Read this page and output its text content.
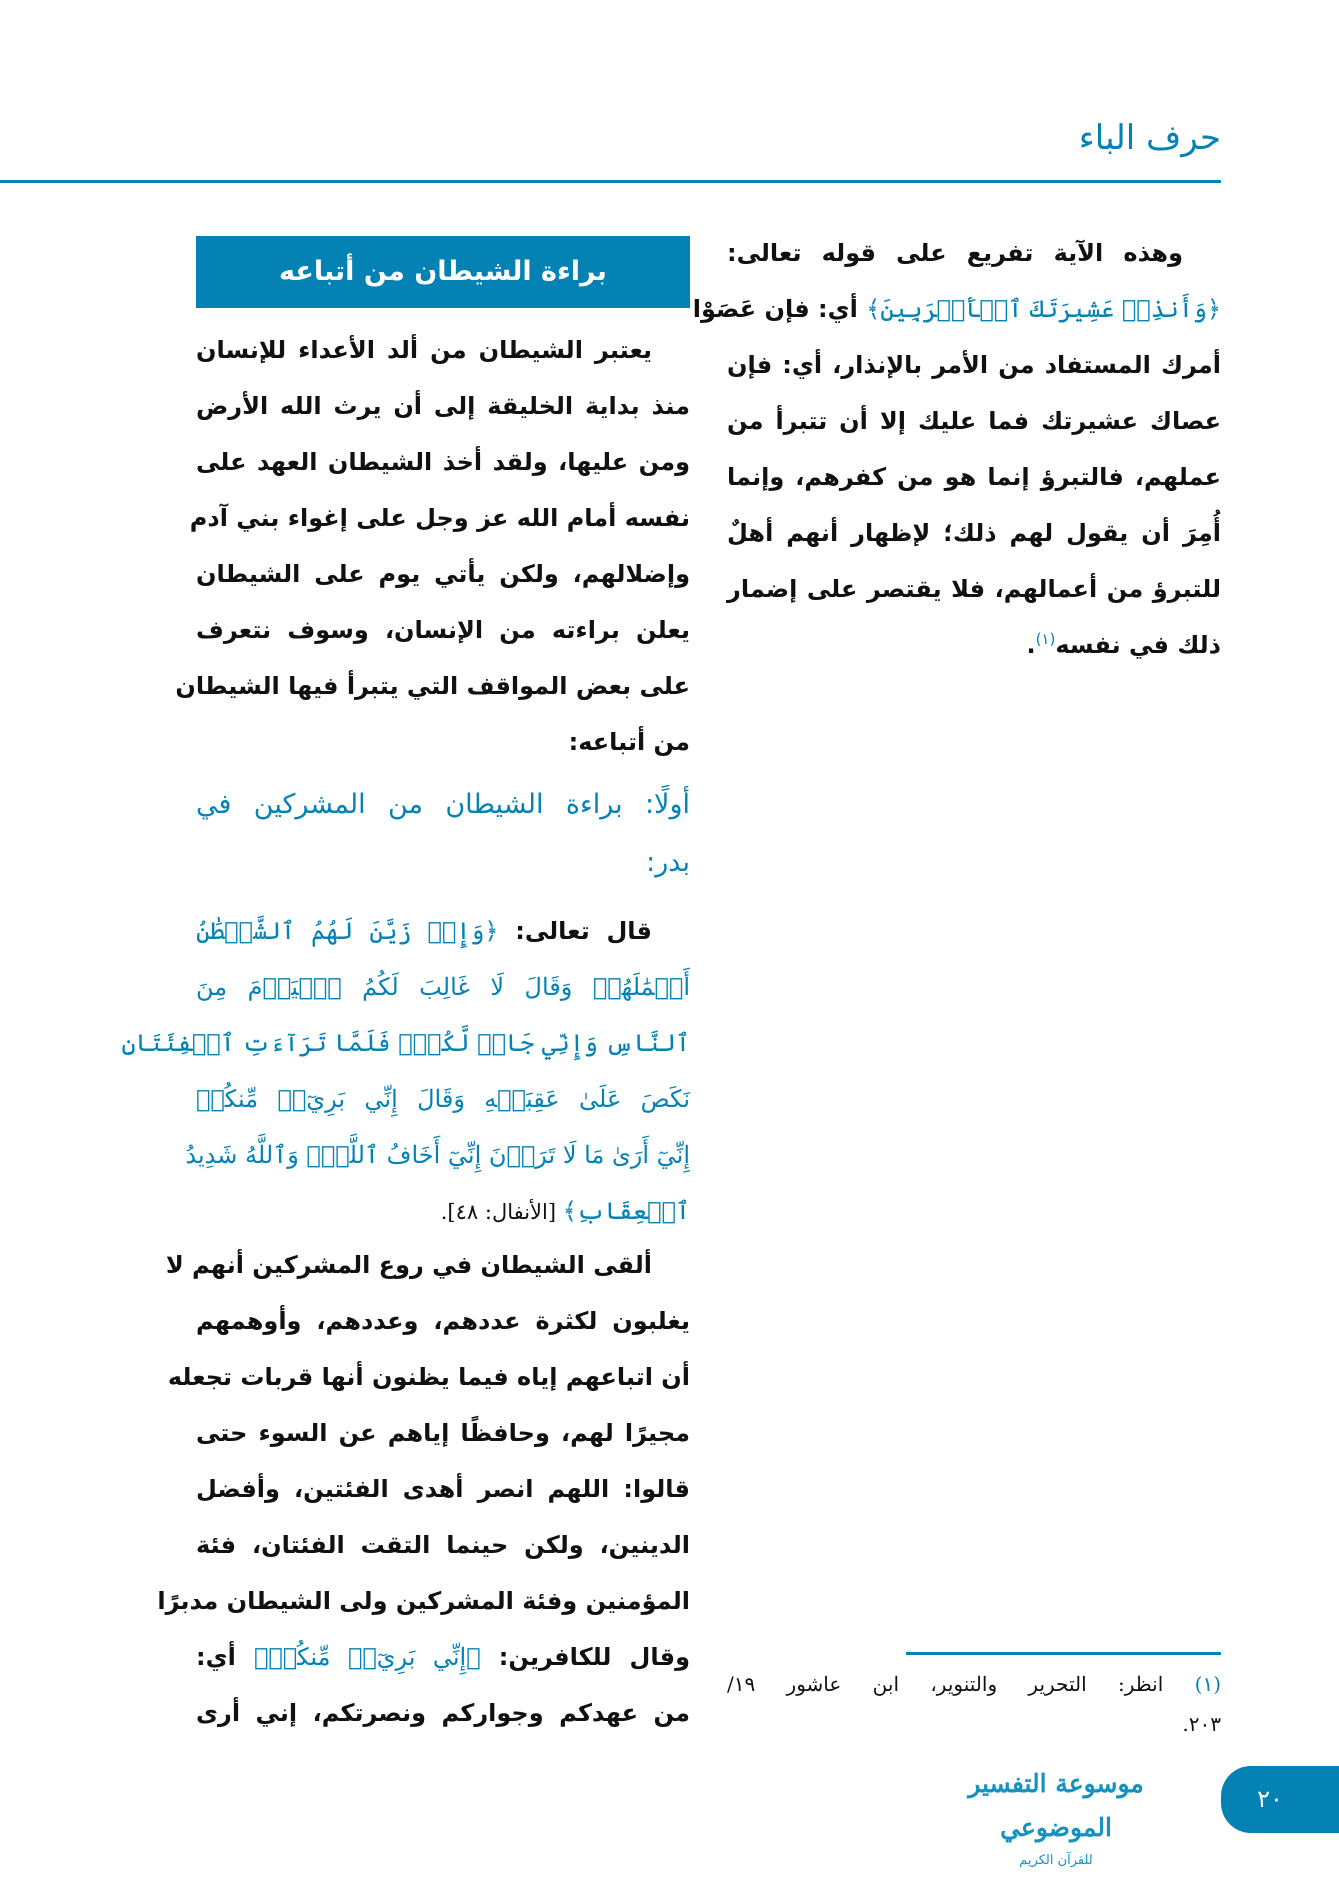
حرف الباء
وهذه الآية تفريع على قوله تعالى:
﴿وَأَنذِرۡ عَشِيرَتَكَ ٱلۡأَقۡرَبِينَ﴾ أي: فإن عَصَوْا
أمرك المستفاد من الأمر بالإنذار، أي: فإن
عصاك عشيرتك فما عليك إلا أن تتبرأ من
عملهم، فالتبرؤ إنما هو من كفرهم، وإنما
أُمِرَ أن يقول لهم ذلك؛ لإظهار أنهم أهلٌ
للتبرؤ من أعمالهم، فلا يقتصر على إضمار
ذلك في نفسه$^{(١)}$.
براءة الشيطان من أتباعه
يعتبر الشيطان من ألد الأعداء للإنسان
منذ بداية الخليقة إلى أن يرث الله الأرض
ومن عليها، ولقد أخذ الشيطان العهد على
نفسه أمام الله عز وجل على إغواء بني آدم
وإضلالهم، ولكن يأتي يوم على الشيطان
يعلن براءته من الإنسان، وسوف نتعرف
على بعض المواقف التي يتبرأ فيها الشيطان
من أتباعه:
أولًا: براءة الشيطان من المشركين في
بدر:
قال تعالى: ﴿وَإِذۡ زَيَّنَ لَهُمُ ٱلشَّيۡطَٰنُ
أَعۡمَٰلَهُمۡ وَقَالَ لَا غَالِبَ لَكُمُ ٱلۡيَوۡمَ مِنَ
ٱلنَّاسِ وَإِنِّي جَارٞ لَّكُمۡۖ فَلَمَّا تَرَآءَتِ ٱلۡفِئَتَانِ
نَكَصَ عَلَىٰ عَقِبَيۡهِ وَقَالَ إِنِّي بَرِيٓءٞ مِّنكُمۡ
إِنِّيٓ أَرَىٰ مَا لَا تَرَوۡنَ إِنِّيٓ أَخَافُ ٱللَّهَۚ وَٱللَّهُ شَدِيدُ
ٱلۡعِقَابِ﴾ [الأنفال: ٤٨].
ألقى الشيطان في روع المشركين أنهم لا
يغلبون لكثرة عددهم، وعددهم، وأوهمهم
أن اتباعهم إياه فيما يظنون أنها قربات تجعله
مجيرًا لهم، وحافظًا إياهم عن السوء حتى
قالوا: اللهم انصر أهدى الفئتين، وأفضل
الدينين، ولكن حينما التقت الفئتان، فئة
المؤمنين وفئة المشركين ولى الشيطان مدبرًا
وقال للكافرين: ﴿إِنِّي بَرِيٓءٞ مِّنكُمۡ﴾ أي:
من عهدكم وجواركم ونصرتكم، إني أرى
(١) انظر: التحرير والتنوير، ابن عاشور ١٩/
٢٠٣.
موسوعة التفسير الموضوعي
للقرآن الكريم
٢٠
